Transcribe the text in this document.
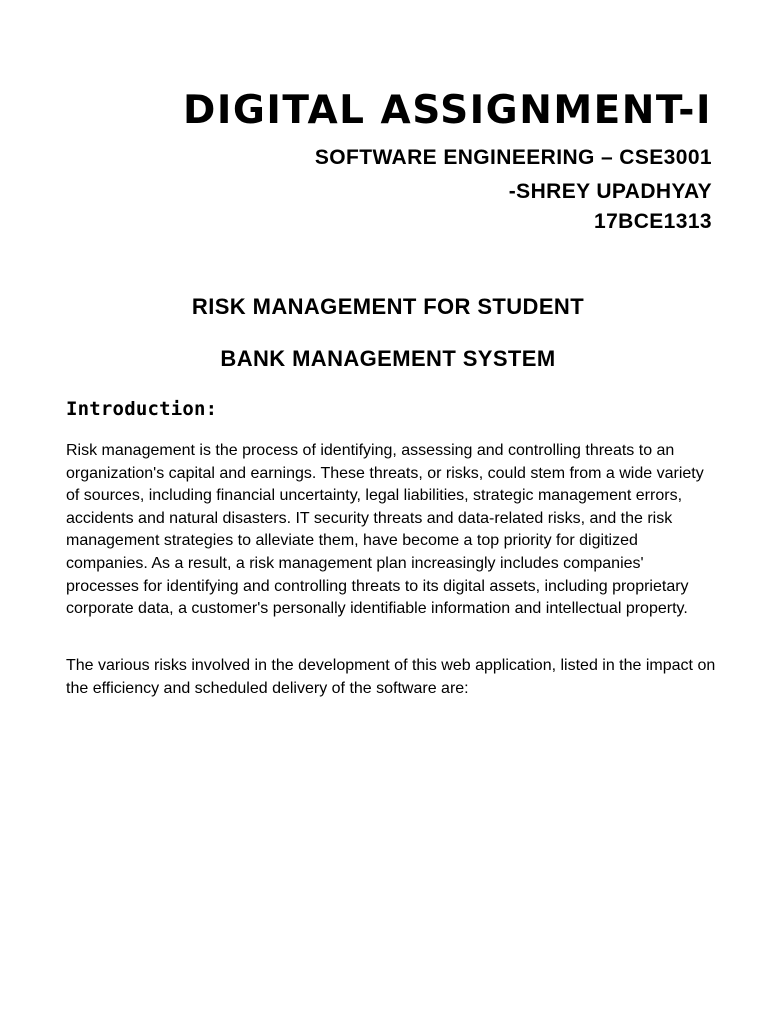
DIGITAL ASSIGNMENT-I

SOFTWARE ENGINEERING – CSE3001

-SHREY UPADHYAY

17BCE1313

RISK MANAGEMENT FOR STUDENT
BANK MANAGEMENT SYSTEM
Introduction:

Risk management is the process of identifying, assessing and controlling threats to an organization's capital and earnings. These threats, or risks, could stem from a wide variety of sources, including financial uncertainty, legal liabilities, strategic management errors, accidents and natural disasters. IT security threats and data-related risks, and the risk management strategies to alleviate them, have become a top priority for digitized companies. As a result, a risk management plan increasingly includes companies' processes for identifying and controlling threats to its digital assets, including proprietary corporate data, a customer's personally identifiable information and intellectual property.

The various risks involved in the development of this web application, listed in the impact on the efficiency and scheduled delivery of the software are:
